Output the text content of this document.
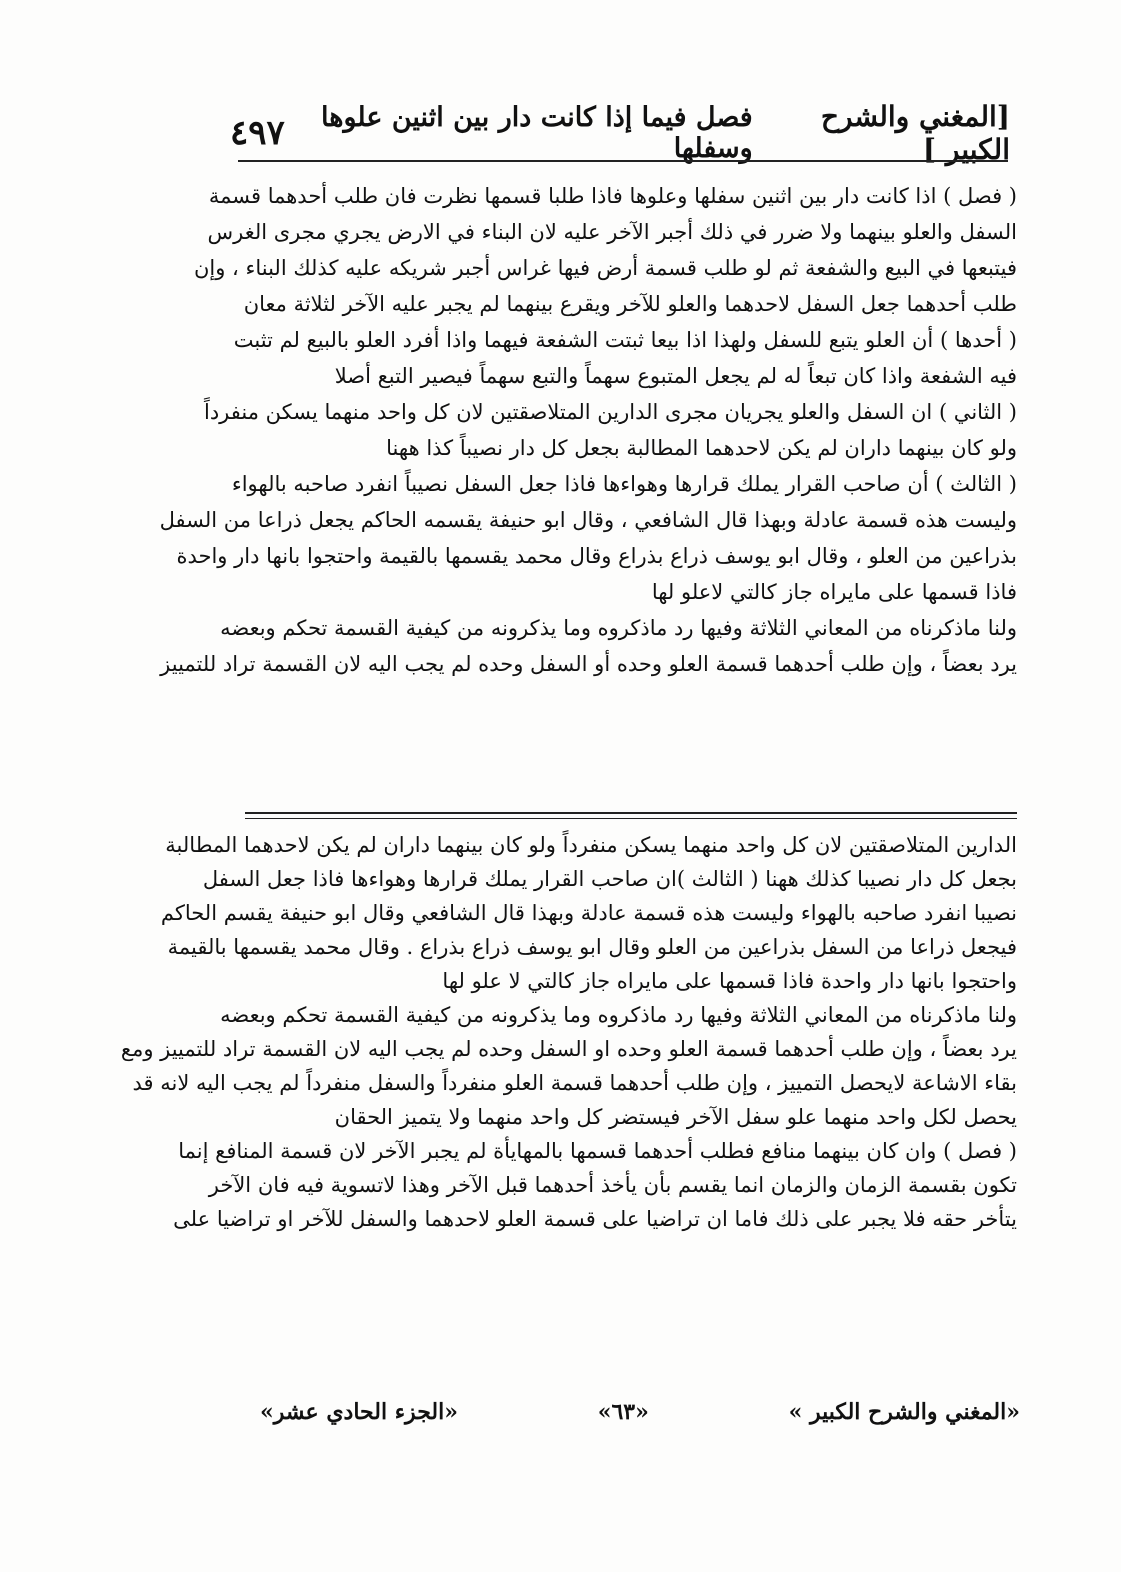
[المغني والشرح الكبير ]
فصل فيما إذا كانت دار بين اثنين علوها وسفلها
٤٩٧

( فصل ) اذا كانت دار بين اثنين سفلها وعلوها فاذا طلبا قسمها نظرت فان طلب أحدهما قسمة

السفل والعلو بينهما ولا ضرر في ذلك أجبر الآخر عليه لان البناء في الارض يجري مجرى الغرس

فيتبعها في البيع والشفعة ثم لو طلب قسمة أرض فيها غراس أجبر شريكه عليه كذلك البناء ، وإن

طلب أحدهما جعل السفل لاحدهما والعلو للآخر ويقرع بينهما لم يجبر عليه الآخر لثلاثة معان

( أحدها ) أن العلو يتبع للسفل ولهذا اذا بيعا ثبتت الشفعة فيهما واذا أفرد العلو بالبيع لم تثبت

فيه الشفعة واذا كان تبعاً له لم يجعل المتبوع سهماً والتبع سهماً فيصير التبع أصلا

( الثاني ) ان السفل والعلو يجريان مجرى الدارين المتلاصقتين لان كل واحد منهما يسكن منفرداً

ولو كان بينهما داران لم يكن لاحدهما المطالبة بجعل كل دار نصيباً كذا ههنا

( الثالث ) أن صاحب القرار يملك قرارها وهواءها فاذا جعل السفل نصيباً انفرد صاحبه بالهواء

وليست هذه قسمة عادلة وبهذا قال الشافعي ، وقال ابو حنيفة يقسمه الحاكم يجعل ذراعا من السفل

بذراعين من العلو ، وقال ابو يوسف ذراع بذراع وقال محمد يقسمها بالقيمة واحتجوا بانها دار واحدة

فاذا قسمها على مايراه جاز كالتي لاعلو لها

ولنا ماذكرناه من المعاني الثلاثة وفيها رد ماذكروه وما يذكرونه من كيفية القسمة تحكم وبعضه

يرد بعضاً ، وإن طلب أحدهما قسمة العلو وحده أو السفل وحده لم يجب اليه لان القسمة تراد للتمييز

الدارين المتلاصقتين لان كل واحد منهما يسكن منفرداً ولو كان بينهما داران لم يكن لاحدهما المطالبة

بجعل كل دار نصيبا كذلك ههنا ( الثالث )ان صاحب القرار يملك قرارها وهواءها فاذا جعل السفل

نصيبا انفرد صاحبه بالهواء وليست هذه قسمة عادلة وبهذا قال الشافعي وقال ابو حنيفة يقسم الحاكم

فيجعل ذراعا من السفل بذراعين من العلو وقال ابو يوسف ذراع بذراع . وقال محمد يقسمها بالقيمة

واحتجوا بانها دار واحدة فاذا قسمها على مايراه جاز كالتي لا علو لها

ولنا ماذكرناه من المعاني الثلاثة وفيها رد ماذكروه وما يذكرونه من كيفية القسمة تحكم وبعضه

يرد بعضاً ، وإن طلب أحدهما قسمة العلو وحده او السفل وحده لم يجب اليه لان القسمة تراد للتمييز ومع

بقاء الاشاعة لايحصل التمييز ، وإن طلب أحدهما قسمة العلو منفرداً والسفل منفرداً لم يجب اليه لانه قد

يحصل لكل واحد منهما علو سفل الآخر فيستضر كل واحد منهما ولا يتميز الحقان

( فصل ) وان كان بينهما منافع فطلب أحدهما قسمها بالمهايأة لم يجبر الآخر لان قسمة المنافع إنما

تكون بقسمة الزمان والزمان انما يقسم بأن يأخذ أحدهما قبل الآخر وهذا لاتسوية فيه فان الآخر

يتأخر حقه فلا يجبر على ذلك فاما ان تراضيا على قسمة العلو لاحدهما والسفل للآخر او تراضيا على

«المغني والشرح الكبير »
«٦٣»
«الجزء الحادي عشر»
